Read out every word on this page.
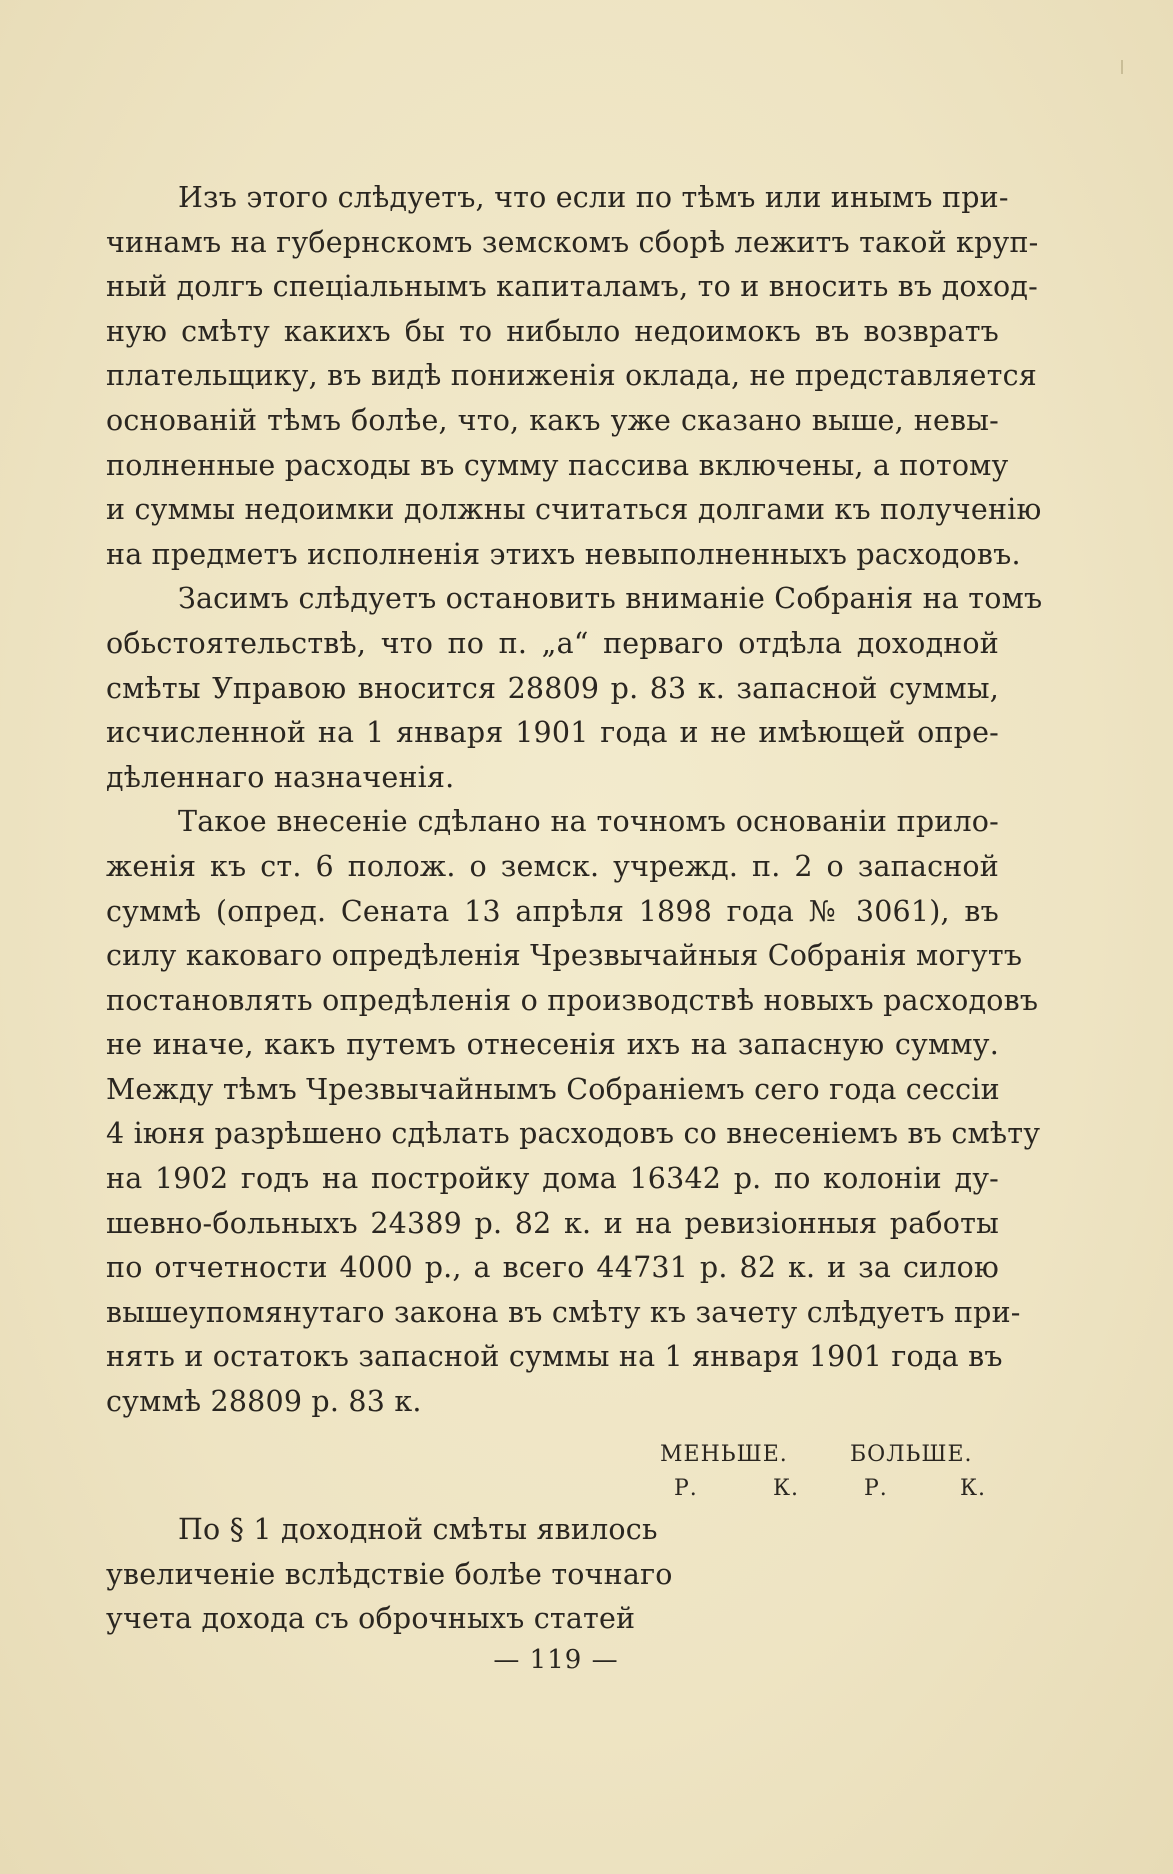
Изъ этого слѣдуетъ, что если по тѣмъ или инымъ при-
чинамъ на губернскомъ земскомъ сборѣ лежитъ такой круп-
ный долгъ спеціальнымъ капиталамъ, то и вносить въ доход-
ную смѣту какихъ бы то нибыло недоимокъ въ возвратъ
плательщику, въ видѣ пониженія оклада, не представляется
основаній тѣмъ болѣе, что, какъ уже сказано выше, невы-
полненные расходы въ сумму пассива включены, а потому
и суммы недоимки должны считаться долгами къ полученію
на предметъ исполненія этихъ невыполненныхъ расходовъ.
Засимъ слѣдуетъ остановить вниманіе Собранія на томъ
обьстоятельствѣ, что по п. „а“ перваго отдѣла доходной
смѣты Управою вносится 28809 р. 83 к. запасной суммы,
исчисленной на 1 января 1901 года и не имѣющей опре-
дѣленнаго назначенія.
Такое внесеніе сдѣлано на точномъ основаніи прило-
женія къ ст. 6 полож. о земск. учрежд. п. 2 о запасной
суммѣ (опред. Сената 13 апрѣля 1898 года № 3061), въ
силу каковаго опредѣленія Чрезвычайныя Собранія могутъ
постановлять опредѣленія о производствѣ новыхъ расходовъ
не иначе, какъ путемъ отнесенія ихъ на запасную сумму.
Между тѣмъ Чрезвычайнымъ Собраніемъ сего года сессіи
4 іюня разрѣшено сдѣлать расходовъ со внесеніемъ въ смѣту
на 1902 годъ на постройку дома 16342 р. по колоніи ду-
шевно-больныхъ 24389 р. 82 к. и на ревизіонныя работы
по отчетности 4000 р., а всего 44731 р. 82 к. и за силою
вышеупомянутаго закона въ смѣту къ зачету слѣдуетъ при-
нять и остатокъ запасной суммы на 1 января 1901 года въ
суммѣ 28809 р. 83 к.
МЕНЬШЕ.	БОЛЬШЕ.
Р.	К.	Р.	К.
По § 1 доходной смѣты явилось
увеличеніе вслѣдствіе болѣе точнаго
учета дохода съ оброчныхъ статей
— 119 —
